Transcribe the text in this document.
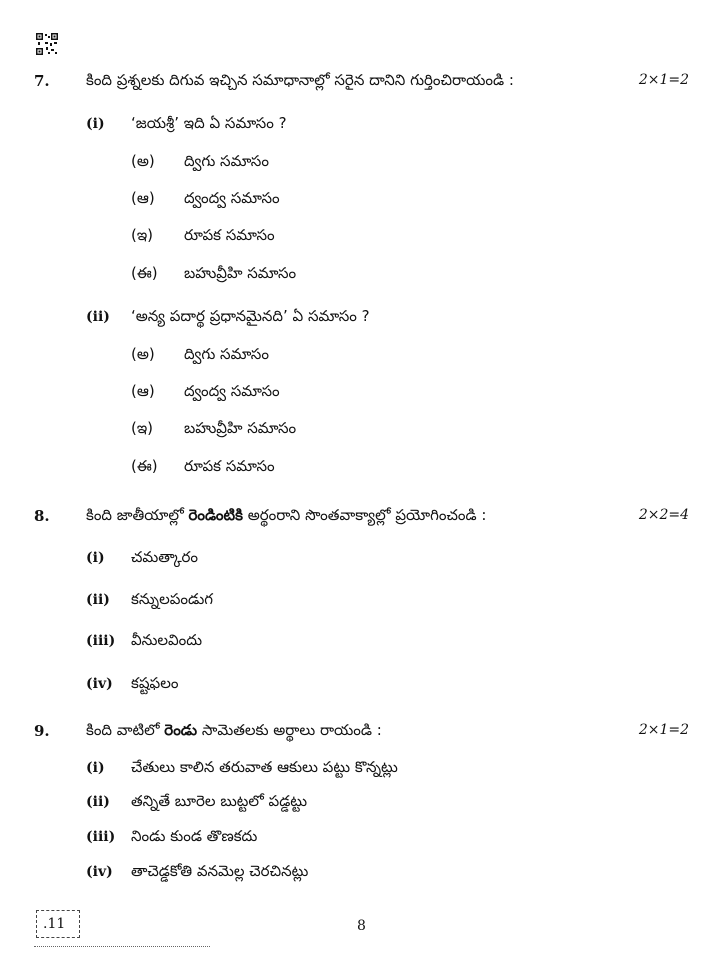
7. కింది ప్రశ్నలకు దిగువ ఇచ్చిన సమాధానాల్లో సరైన దానిని గుర్తించిరాయండి :	2×1=2
(i) ‘జయశ్రీ’ ఇది ఏ సమాసం ?
(అ) ద్విగు సమాసం
(ఆ) ద్వంద్వ సమాసం
(ఇ) రూపక సమాసం
(ఈ) బహువ్రీహి సమాసం
(ii) ‘అన్య పదార్థ ప్రధానమైనది’ ఏ సమాసం ?
(అ) ద్విగు సమాసం
(ఆ) ద్వంద్వ సమాసం
(ఇ) బహువ్రీహి సమాసం
(ఈ) రూపక సమాసం
8. కింది జాతీయాల్లో రెండింటికి అర్థంరాని సొంతవాక్యాల్లో ప్రయోగించండి :	2×2=4
(i) చమత్కారం
(ii) కన్నులపండుగ
(iii) వీనులవిందు
(iv) కష్టఫలం
9. కింది వాటిలో రెండు సామెతలకు అర్థాలు రాయండి :	2×1=2
(i) చేతులు కాలిన తరువాత ఆకులు పట్టు కొన్నట్లు
(ii) తన్నితే బూరెల బుట్టలో పడ్డట్టు
(iii) నిండు కుండ తొణకదు
(iv) తాచెడ్డకోతి వనమెల్ల చెరచినట్లు
.11	8
